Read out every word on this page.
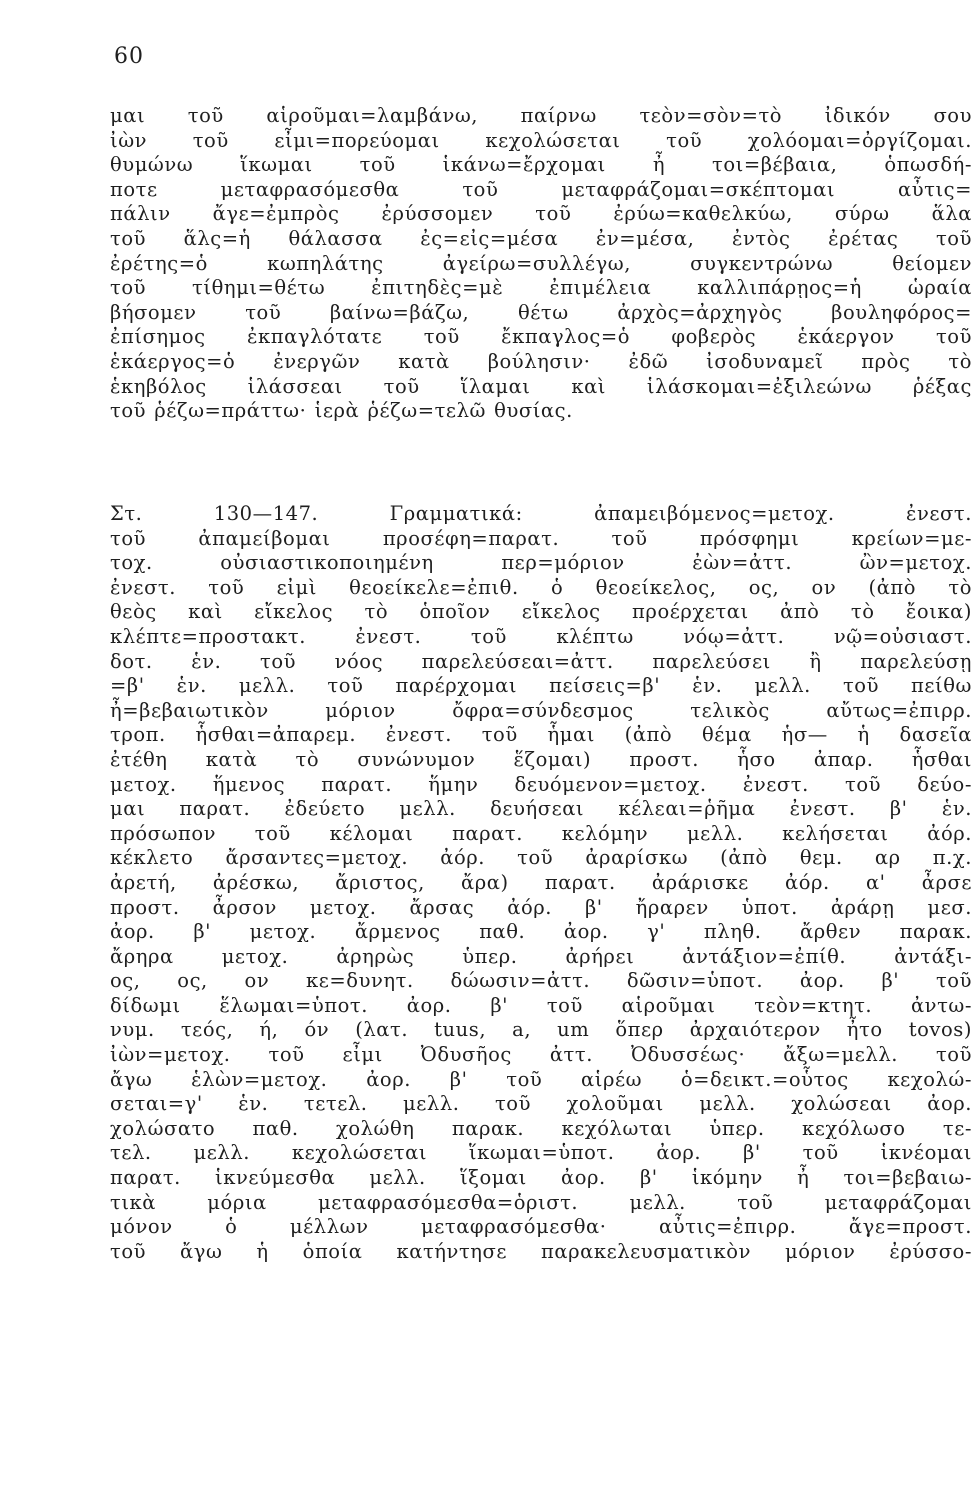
60
μαι τοῦ αἱροῦμαι=λαμβάνω, παίρνω τεὸν=σὸν=τὸ ἰδικόν σου
ἰὼν τοῦ εἶμι=πορεύομαι κεχολώσεται τοῦ χολόομαι=ὀργίζομαι.
θυμώνω ἵκωμαι τοῦ ἱκάνω=ἔρχομαι ἦ τοι=βέβαια, ὁπωσδή-
ποτε μεταφρασόμεσθα τοῦ μεταφράζομαι=σκέπτομαι αὖτις=
πάλιν ἄγε=ἐμπρὸς ἐρύσσομεν τοῦ ἐρύω=καθελκύω, σύρω ἅλα
τοῦ ἅλς=ἡ θάλασσα ἐς=εἰς=μέσα ἐν=μέσα, ἐντὸς ἐρέτας τοῦ
ἐρέτης=ὁ κωπηλάτης ἀγείρω=συλλέγω, συγκεντρώνω θείομεν
τοῦ τίθημι=θέτω ἐπιτηδὲς=μὲ ἐπιμέλεια καλλιπάρῃος=ἡ ὡραία
βήσομεν τοῦ βαίνω=βάζω, θέτω ἀρχὸς=ἀρχηγὸς βουληφόρος=
ἐπίσημος ἐκπαγλότατε τοῦ ἔκπαγλος=ὁ φοβερὸς ἑκάεργον τοῦ
ἑκάεργος=ὁ ἐνεργῶν κατὰ βούλησιν· ἐδῶ ἰσοδυναμεῖ πρὸς τὸ
ἑκηβόλος ἱλάσσεαι τοῦ ἵλαμαι καὶ ἱλάσκομαι=ἐξιλεώνω ῥέξας
τοῦ ῥέζω=πράττω· ἱερὰ ῥέζω=τελῶ θυσίας.
Στ. 130—147. Γραμματικά: ἀπαμειβόμενος=μετοχ. ἐνεστ.
τοῦ ἀπαμείβομαι προσέφη=παρατ. τοῦ πρόσφημι κρείων=με-
τοχ. οὐσιαστικοποιημένη περ=μόριον ἐὼν=ἀττ. ὢν=μετοχ.
ἐνεστ. τοῦ εἰμὶ θεοείκελε=ἐπιθ. ὁ θεοείκελος, ος, ον (ἀπὸ τὸ
θεὸς καὶ εἴκελος τὸ ὁποῖον εἴκελος προέρχεται ἀπὸ τὸ ἔοικα)
κλέπτε=προστακτ. ἐνεστ. τοῦ κλέπτω νόῳ=ἀττ. νῷ=οὐσιαστ.
δοτ. ἑν. τοῦ νόος παρελεύσεαι=ἀττ. παρελεύσει ἢ παρελεύσῃ
=β' ἑν. μελλ. τοῦ παρέρχομαι πείσεις=β' ἑν. μελλ. τοῦ πείθω
ἦ=βεβαιωτικὸν μόριον ὄφρα=σύνδεσμος τελικὸς αὔτως=ἐπιρρ.
τροπ. ἧσθαι=ἀπαρεμ. ἐνεστ. τοῦ ἧμαι (ἀπὸ θέμα ἡσ— ἡ δασεῖα
ἐτέθη κατὰ τὸ συνώνυμον ἕζομαι) προστ. ἧσο ἀπαρ. ἧσθαι
μετοχ. ἥμενος παρατ. ἥμην δευόμενον=μετοχ. ἐνεστ. τοῦ δεύο-
μαι παρατ. ἐδεύετο μελλ. δευήσεαι κέλεαι=ῥῆμα ἐνεστ. β' ἑν.
πρόσωπον τοῦ κέλομαι παρατ. κελόμην μελλ. κελήσεται ἀόρ.
κέκλετο ἄρσαντες=μετοχ. ἀόρ. τοῦ ἀραρίσκω (ἀπὸ θεμ. αρ π.χ.
ἀρετή, ἀρέσκω, ἄριστος, ἄρα) παρατ. ἀράρισκε ἀόρ. α' ἆρσε
προστ. ἆρσον μετοχ. ἄρσας ἀόρ. β' ἤραρεν ὑποτ. ἀράρῃ μεσ.
ἀορ. β' μετοχ. ἄρμενος παθ. ἀορ. γ' πληθ. ἄρθεν παρακ.
ἄρηρα μετοχ. ἀρηρὼς ὑπερ. ἀρήρει ἀντάξιον=ἐπίθ. ἀντάξι-
ος, ος, ον κε=δυνητ. δώωσιν=ἀττ. δῶσιν=ὑποτ. ἀορ. β' τοῦ
δίδωμι ἕλωμαι=ὑποτ. ἀορ. β' τοῦ αἱροῦμαι τεὸν=κτητ. ἀντω-
νυμ. τεός, ή, όν (λατ. tuus, a, um ὅπερ ἀρχαιότερον ἦτο tovos)
ἰὼν=μετοχ. τοῦ εἶμι Ὀδυσῆος ἀττ. Ὀδυσσέως· ἄξω=μελλ. τοῦ
ἄγω ἑλὼν=μετοχ. ἀορ. β' τοῦ αἱρέω ὁ=δεικτ.=οὗτος κεχολώ-
σεται=γ' ἑν. τετελ. μελλ. τοῦ χολοῦμαι μελλ. χολώσεαι ἀορ.
χολώσατο παθ. χολώθη παρακ. κεχόλωται ὑπερ. κεχόλωσο τε-
τελ. μελλ. κεχολώσεται ἵκωμαι=ὑποτ. ἀορ. β' τοῦ ἱκνέομαι
παρατ. ἱκνεύμεσθα μελλ. ἵξομαι ἀορ. β' ἱκόμην ἦ τοι=βεβαιω-
τικὰ μόρια μεταφρασόμεσθα=ὁριστ. μελλ. τοῦ μεταφράζομαι
μόνον ὁ μέλλων μεταφρασόμεσθα· αὖτις=ἐπιρρ. ἄγε=προστ.
τοῦ ἄγω ἡ ὁποία κατήντησε παρακελευσματικὸν μόριον ἐρύσσο-
